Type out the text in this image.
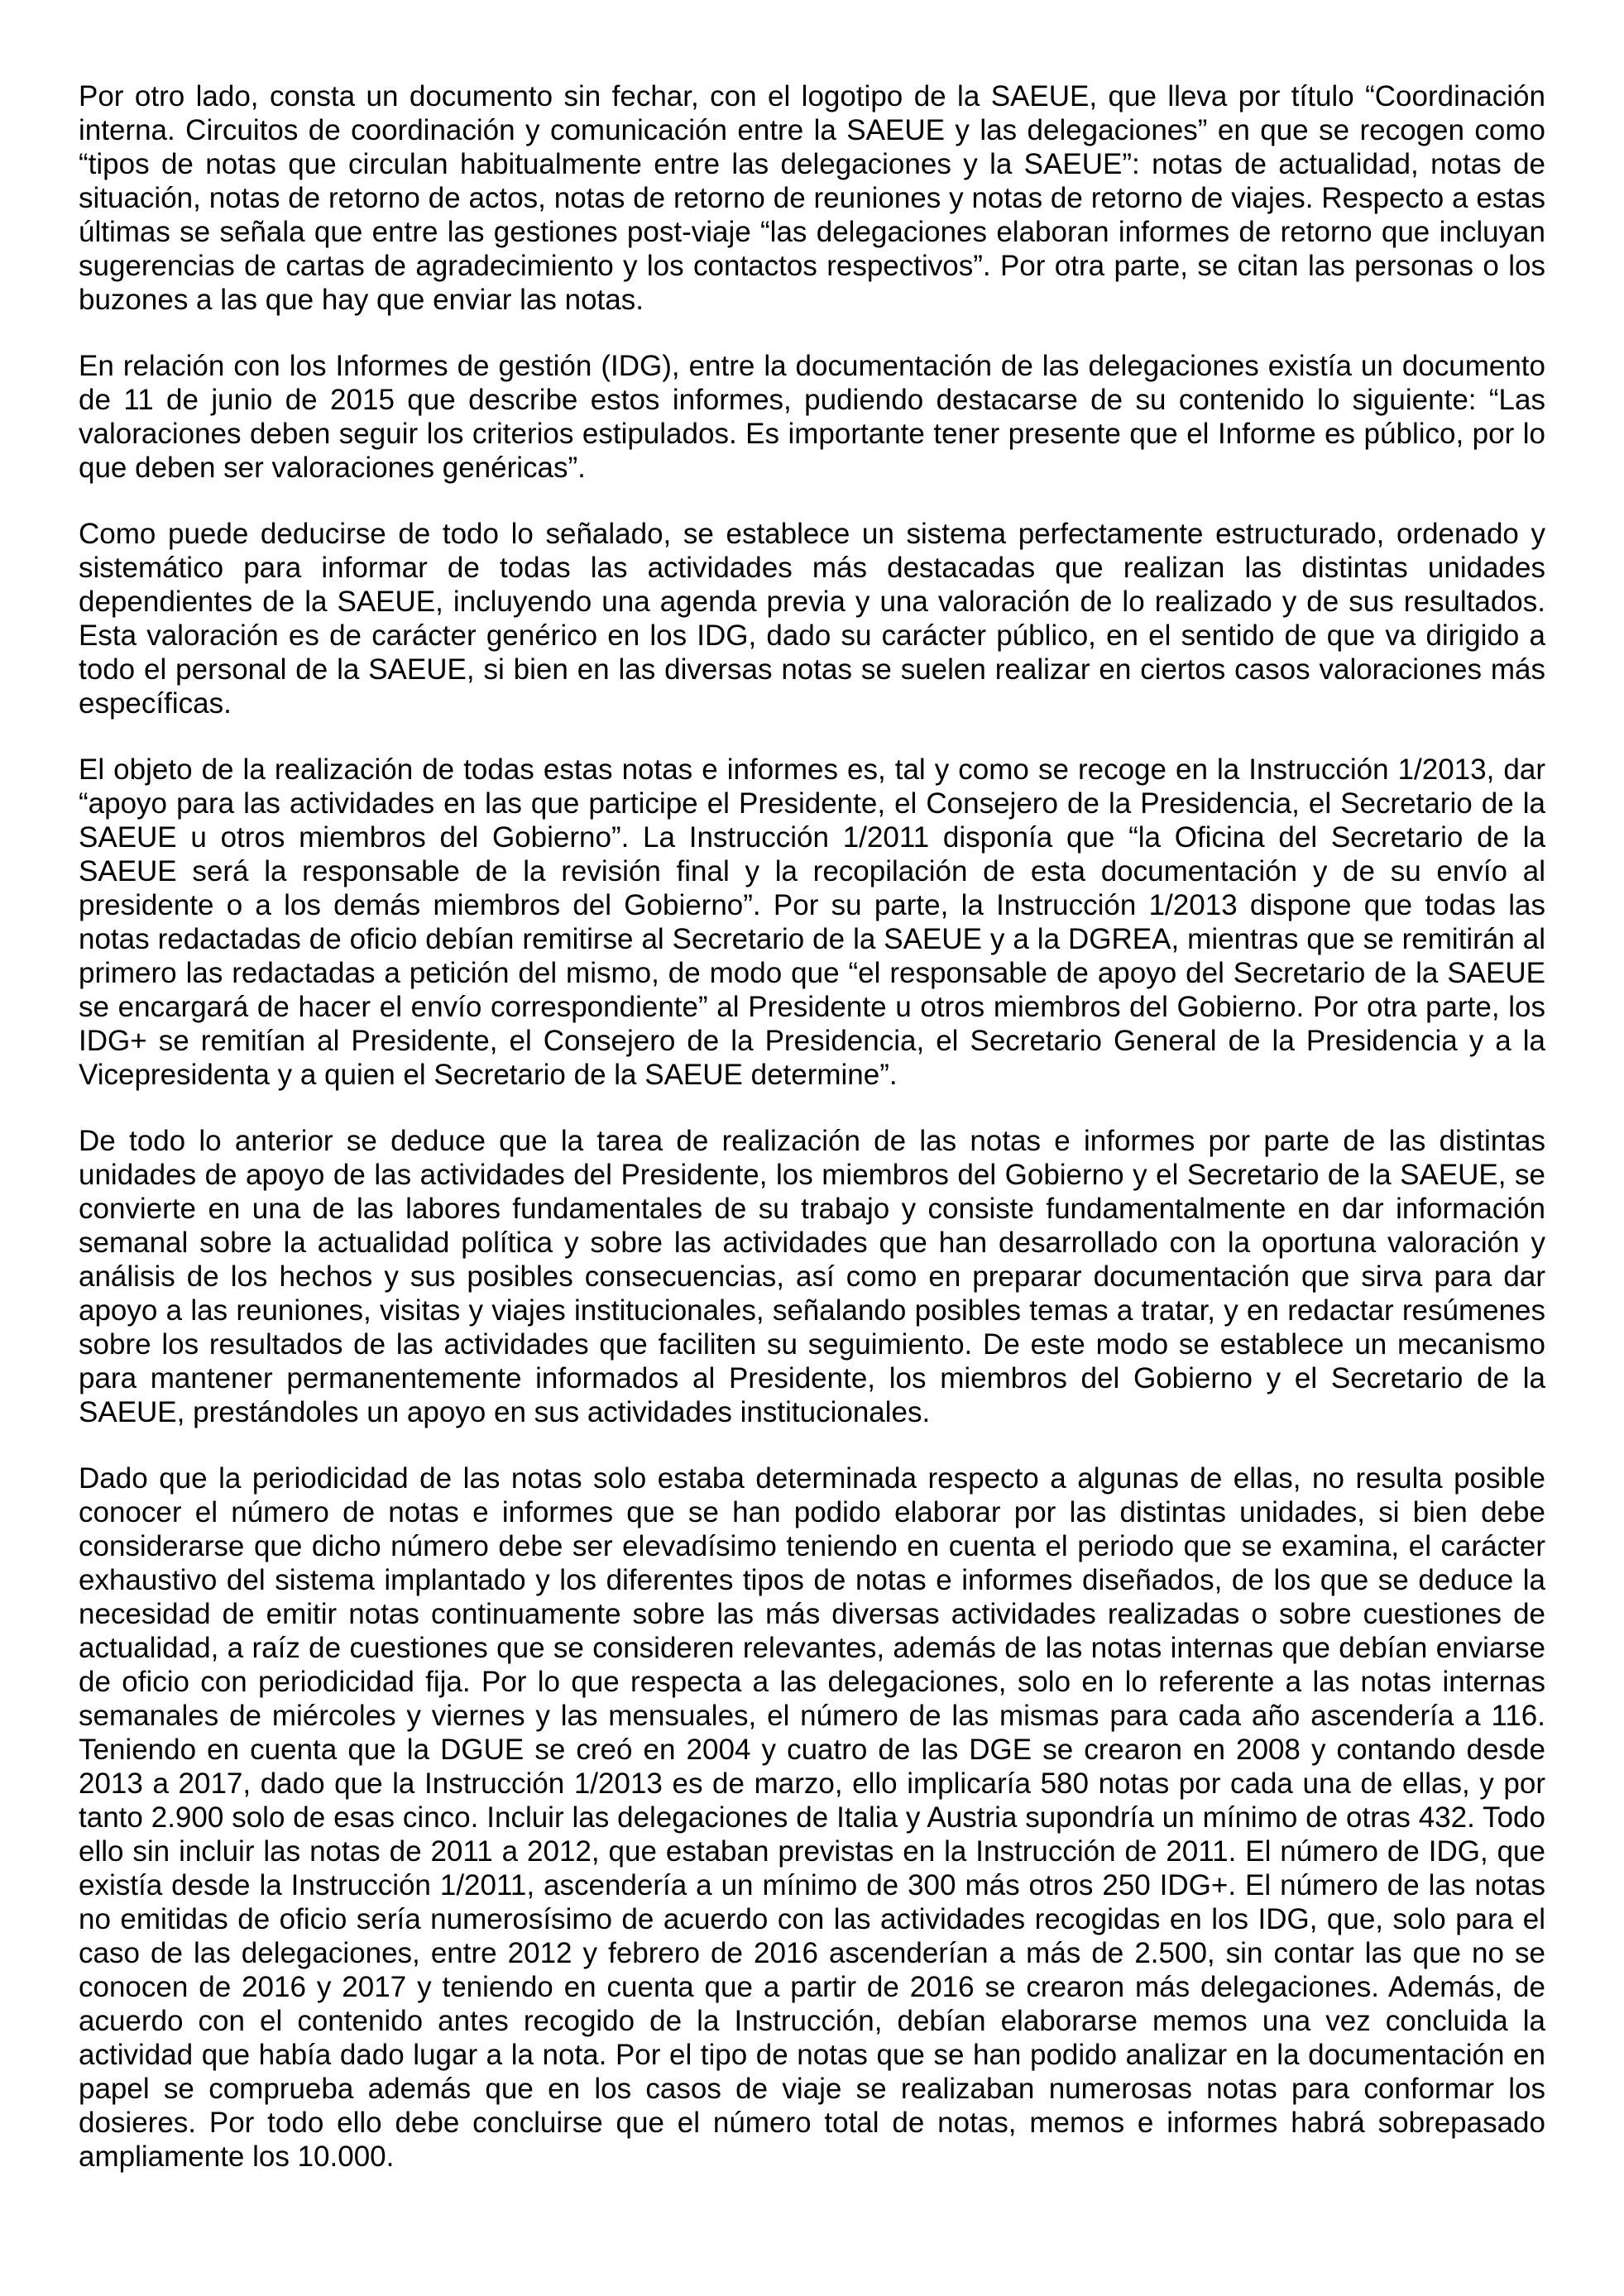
Por otro lado, consta un documento sin fechar, con el logotipo de la SAEUE, que lleva por título “Coordinación interna. Circuitos de coordinación y comunicación entre la SAEUE y las delegaciones” en que se recogen como “tipos de notas que circulan habitualmente entre las delegaciones y la SAEUE”: notas de actualidad, notas de situación, notas de retorno de actos, notas de retorno de reuniones y notas de retorno de viajes. Respecto a estas últimas se señala que entre las gestiones post-viaje “las delegaciones elaboran informes de retorno que incluyan sugerencias de cartas de agradecimiento y los contactos respectivos”. Por otra parte, se citan las personas o los buzones a las que hay que enviar las notas.

En relación con los Informes de gestión (IDG), entre la documentación de las delegaciones existía un documento de 11 de junio de 2015 que describe estos informes, pudiendo destacarse de su contenido lo siguiente: “Las valoraciones deben seguir los criterios estipulados. Es importante tener presente que el Informe es público, por lo que deben ser valoraciones genéricas”.

Como puede deducirse de todo lo señalado, se establece un sistema perfectamente estructurado, ordenado y sistemático para informar de todas las actividades más destacadas que realizan las distintas unidades dependientes de la SAEUE, incluyendo una agenda previa y una valoración de lo realizado y de sus resultados. Esta valoración es de carácter genérico en los IDG, dado su carácter público, en el sentido de que va dirigido a todo el personal de la SAEUE, si bien en las diversas notas se suelen realizar en ciertos casos valoraciones más específicas.

El objeto de la realización de todas estas notas e informes es, tal y como se recoge en la Instrucción 1/2013, dar “apoyo para las actividades en las que participe el Presidente, el Consejero de la Presidencia, el Secretario de la SAEUE u otros miembros del Gobierno”. La Instrucción 1/2011 disponía que “la Oficina del Secretario de la SAEUE será la responsable de la revisión final y la recopilación de esta documentación y de su envío al presidente o a los demás miembros del Gobierno”. Por su parte, la Instrucción 1/2013 dispone que todas las notas redactadas de oficio debían remitirse al Secretario de la SAEUE y a la DGREA, mientras que se remitirán al primero las redactadas a petición del mismo, de modo que “el responsable de apoyo del Secretario de la SAEUE se encargará de hacer el envío correspondiente” al Presidente u otros miembros del Gobierno. Por otra parte, los IDG+ se remitían al Presidente, el Consejero de la Presidencia, el Secretario General de la Presidencia y a la Vicepresidenta y a quien el Secretario de la SAEUE determine”.

De todo lo anterior se deduce que la tarea de realización de las notas e informes por parte de las distintas unidades de apoyo de las actividades del Presidente, los miembros del Gobierno y el Secretario de la SAEUE, se convierte en una de las labores fundamentales de su trabajo y consiste fundamentalmente en dar información semanal sobre la actualidad política y sobre las actividades que han desarrollado con la oportuna valoración y análisis de los hechos y sus posibles consecuencias, así como en preparar documentación que sirva para dar apoyo a las reuniones, visitas y viajes institucionales, señalando posibles temas a tratar, y en redactar resúmenes sobre los resultados de las actividades que faciliten su seguimiento. De este modo se establece un mecanismo para mantener permanentemente informados al Presidente, los miembros del Gobierno y el Secretario de la SAEUE, prestándoles un apoyo en sus actividades institucionales.

Dado que la periodicidad de las notas solo estaba determinada respecto a algunas de ellas, no resulta posible conocer el número de notas e informes que se han podido elaborar por las distintas unidades, si bien debe considerarse que dicho número debe ser elevadísimo teniendo en cuenta el periodo que se examina, el carácter exhaustivo del sistema implantado y los diferentes tipos de notas e informes diseñados, de los que se deduce la necesidad de emitir notas continuamente sobre las más diversas actividades realizadas o sobre cuestiones de actualidad, a raíz de cuestiones que se consideren relevantes, además de las notas internas que debían enviarse de oficio con periodicidad fija. Por lo que respecta a las delegaciones, solo en lo referente a las notas internas semanales de miércoles y viernes y las mensuales, el número de las mismas para cada año ascendería a 116. Teniendo en cuenta que la DGUE se creó en 2004 y cuatro de las DGE se crearon en 2008 y contando desde 2013 a 2017, dado que la Instrucción 1/2013 es de marzo, ello implicaría 580 notas por cada una de ellas, y por tanto 2.900 solo de esas cinco. Incluir las delegaciones de Italia y Austria supondría un mínimo de otras 432. Todo ello sin incluir las notas de 2011 a 2012, que estaban previstas en la Instrucción de 2011. El número de IDG, que existía desde la Instrucción 1/2011, ascendería a un mínimo de 300 más otros 250 IDG+. El número de las notas no emitidas de oficio sería numerosísimo de acuerdo con las actividades recogidas en los IDG, que, solo para el caso de las delegaciones, entre 2012 y febrero de 2016 ascenderían a más de 2.500, sin contar las que no se conocen de 2016 y 2017 y teniendo en cuenta que a partir de 2016 se crearon más delegaciones. Además, de acuerdo con el contenido antes recogido de la Instrucción, debían elaborarse memos una vez concluida la actividad que había dado lugar a la nota. Por el tipo de notas que se han podido analizar en la documentación en papel se comprueba además que en los casos de viaje se realizaban numerosas notas para conformar los dosieres. Por todo ello debe concluirse que el número total de notas, memos e informes habrá sobrepasado ampliamente los 10.000.
